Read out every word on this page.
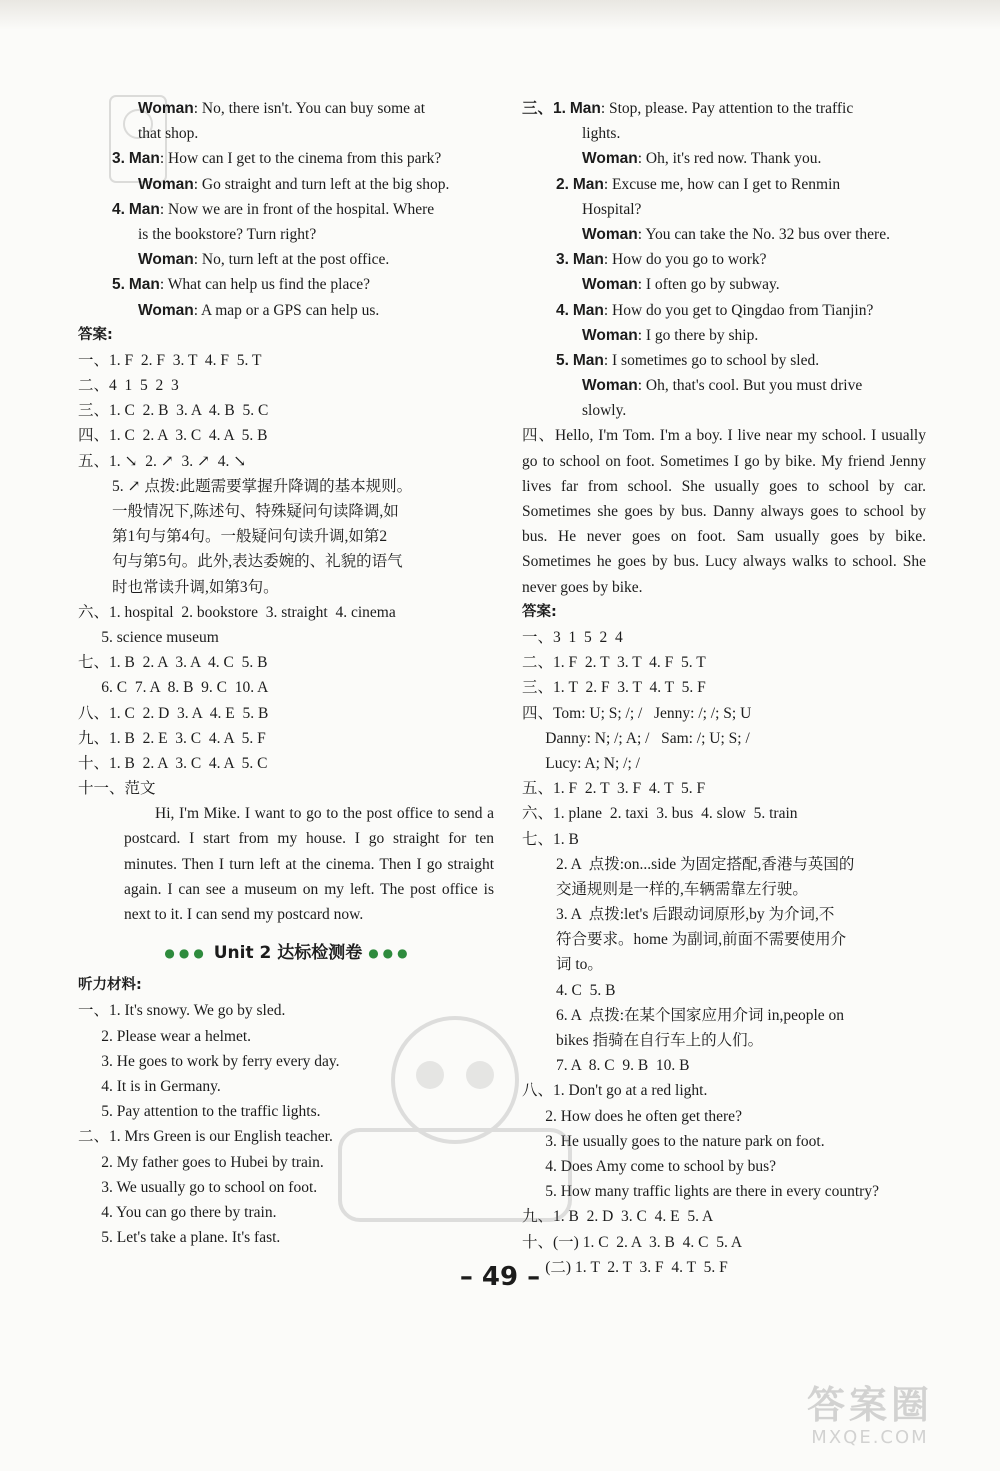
Woman: No, there isn't. You can buy some at
that shop.
3. Man: How can I get to the cinema from this park?
Woman: Go straight and turn left at the big shop.
4. Man: Now we are in front of the hospital. Where
is the bookstore? Turn right?
Woman: No, turn left at the post office.
5. Man: What can help us find the place?
Woman: A map or a GPS can help us.
答案:
一、1. F  2. F  3. T  4. F  5. T
二、4  1  5  2  3
三、1. C  2. B  3. A  4. B  5. C
四、1. C  2. A  3. C  4. A  5. B
五、1. ↘  2. ↗  3. ↗  4. ↘
5. ↗ 点拨:此题需要掌握升降调的基本规则。
一般情况下,陈述句、特殊疑问句读降调,如
第1句与第4句。一般疑问句读升调,如第2
句与第5句。此外,表达委婉的、礼貌的语气
时也常读升调,如第3句。
六、1. hospital  2. bookstore  3. straight  4. cinema
5. science museum
七、1. B  2. A  3. A  4. C  5. B
6. C  7. A  8. B  9. C  10. A
八、1. C  2. D  3. A  4. E  5. B
九、1. B  2. E  3. C  4. A  5. F
十、1. B  2. A  3. C  4. A  5. C
十一、范文
Hi, I'm Mike. I want to go to the post office to send a postcard. I start from my house. I go straight for ten minutes. Then I turn left at the cinema. Then I go straight again. I can see a museum on my left. The post office is next to it. I can send my postcard now.
●●● Unit 2 达标检测卷 ●●●
听力材料:
一、1. It's snowy. We go by sled.
2. Please wear a helmet.
3. He goes to work by ferry every day.
4. It is in Germany.
5. Pay attention to the traffic lights.
二、1. Mrs Green is our English teacher.
2. My father goes to Hubei by train.
3. We usually go to school on foot.
4. You can go there by train.
5. Let's take a plane. It's fast.
三、1. Man: Stop, please. Pay attention to the traffic
lights.
Woman: Oh, it's red now. Thank you.
2. Man: Excuse me, how can I get to Renmin
Hospital?
Woman: You can take the No. 32 bus over there.
3. Man: How do you go to work?
Woman: I often go by subway.
4. Man: How do you get to Qingdao from Tianjin?
Woman: I go there by ship.
5. Man: I sometimes go to school by sled.
Woman: Oh, that's cool. But you must drive
slowly.
四、Hello, I'm Tom. I'm a boy. I live near my school. I usually go to school on foot. Sometimes I go by bike. My friend Jenny lives far from school. She usually goes to school by car. Sometimes she goes by bus. Danny always goes to school by bus. He never goes on foot. Sam usually goes by bike. Sometimes he goes by bus. Lucy always walks to school. She never goes by bike.
答案:
一、3  1  5  2  4
二、1. F  2. T  3. T  4. F  5. T
三、1. T  2. F  3. T  4. T  5. F
四、Tom: U; S; /; /   Jenny: /; /; S; U
Danny: N; /; A; /   Sam: /; U; S; /
Lucy: A; N; /; /
五、1. F  2. T  3. F  4. T  5. F
六、1. plane  2. taxi  3. bus  4. slow  5. train
七、1. B
2. A  点拨:on...side 为固定搭配,香港与英国的
交通规则是一样的,车辆需靠左行驶。
3. A  点拨:let's 后跟动词原形,by 为介词,不
符合要求。home 为副词,前面不需要使用介
词 to。
4. C  5. B
6. A  点拨:在某个国家应用介词 in,people on
bikes 指骑在自行车上的人们。
7. A  8. C  9. B  10. B
八、1. Don't go at a red light.
2. How does he often get there?
3. He usually goes to the nature park on foot.
4. Does Amy come to school by bus?
5. How many traffic lights are there in every country?
九、1. B  2. D  3. C  4. E  5. A
十、(一) 1. C  2. A  3. B  4. C  5. A
(二) 1. T  2. T  3. F  4. T  5. F
– 49 –
答案圈
MXQE.COM
